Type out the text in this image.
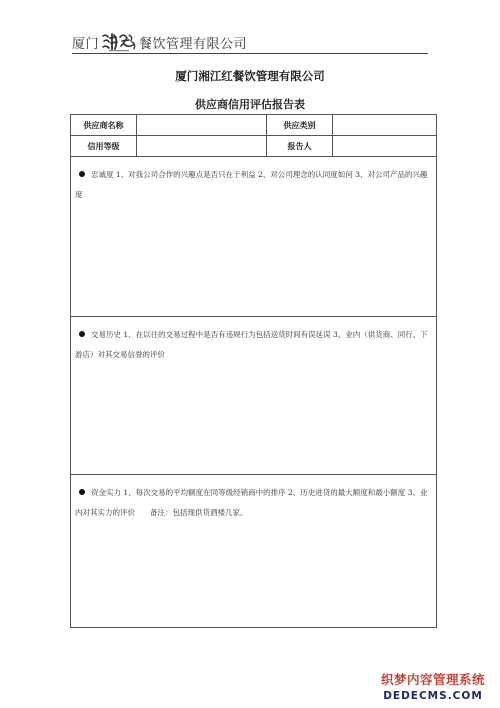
厦门	餐饮管理有限公司
厦门湘江红餐饮管理有限公司
供应商信用评估报告表
供应商名称	供应类别
信用等级	报告人
忠诚度 1、对我公司合作的兴趣点是否只在于利益 2、对公司理念的认同度如何 3、对公司产品的兴趣度
交易历史 1、在以往的交易过程中是否有违规行为包括送货时间有误延误 3、业内（供货商、同行、下游店）对其交易信誉的评价
资金实力 1、每次交易的平均额度在同等级经销商中的排序 2、历史进货的最大额度和最小额度 3、业内对其实力的评价　　备注：包括现供货酒楼几家。
织梦内容管理系统
DEDECMS.COM
